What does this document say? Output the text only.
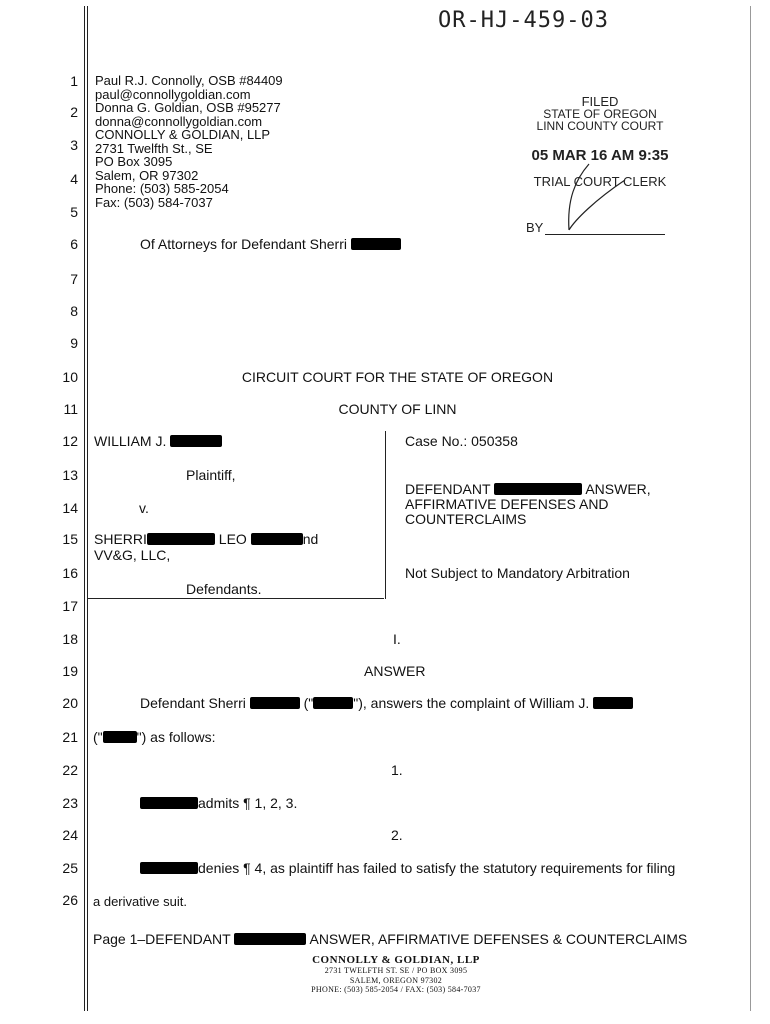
OR-HJ-459-03
1
2
3
4
5
6
7
8
9
10
11
12
13
14
15
16
17
18
19
20
21
22
23
24
25
26
Paul R.J. Connolly, OSB #84409
paul@connollygoldian.com
Donna G. Goldian, OSB #95277
donna@connollygoldian.com
CONNOLLY & GOLDIAN, LLP
2731 Twelfth St., SE
PO Box 3095
Salem, OR 97302
Phone: (503) 585-2054
Fax: (503) 584-7037
Of Attorneys for Defendant Sherri
FILED
STATE OF OREGON
LINN COUNTY COURT
05 MAR 16 AM 9:35
TRIAL COURT CLERK
BY
CIRCUIT COURT FOR THE STATE OF OREGON
COUNTY OF LINN
WILLIAM J.
Plaintiff,
v.
SHERRI	LEO	nd
VV&G, LLC,
Defendants.
Case No.: 050358
DEFENDANT	ANSWER,
AFFIRMATIVE DEFENSES AND
COUNTERCLAIMS
Not Subject to Mandatory Arbitration
I.
ANSWER
Defendant Sherri	("	"), answers the complaint of William J.
(" ") as follows:
1.
admits ¶ 1, 2, 3.
2.
denies ¶ 4, as plaintiff has failed to satisfy the statutory requirements for filing
a derivative suit.
Page 1–DEFENDANT	ANSWER, AFFIRMATIVE DEFENSES & COUNTERCLAIMS
CONNOLLY & GOLDIAN, LLP
2731 TWELFTH ST. SE / PO BOX 3095
SALEM, OREGON 97302
PHONE: (503) 585-2054 / FAX: (503) 584-7037
